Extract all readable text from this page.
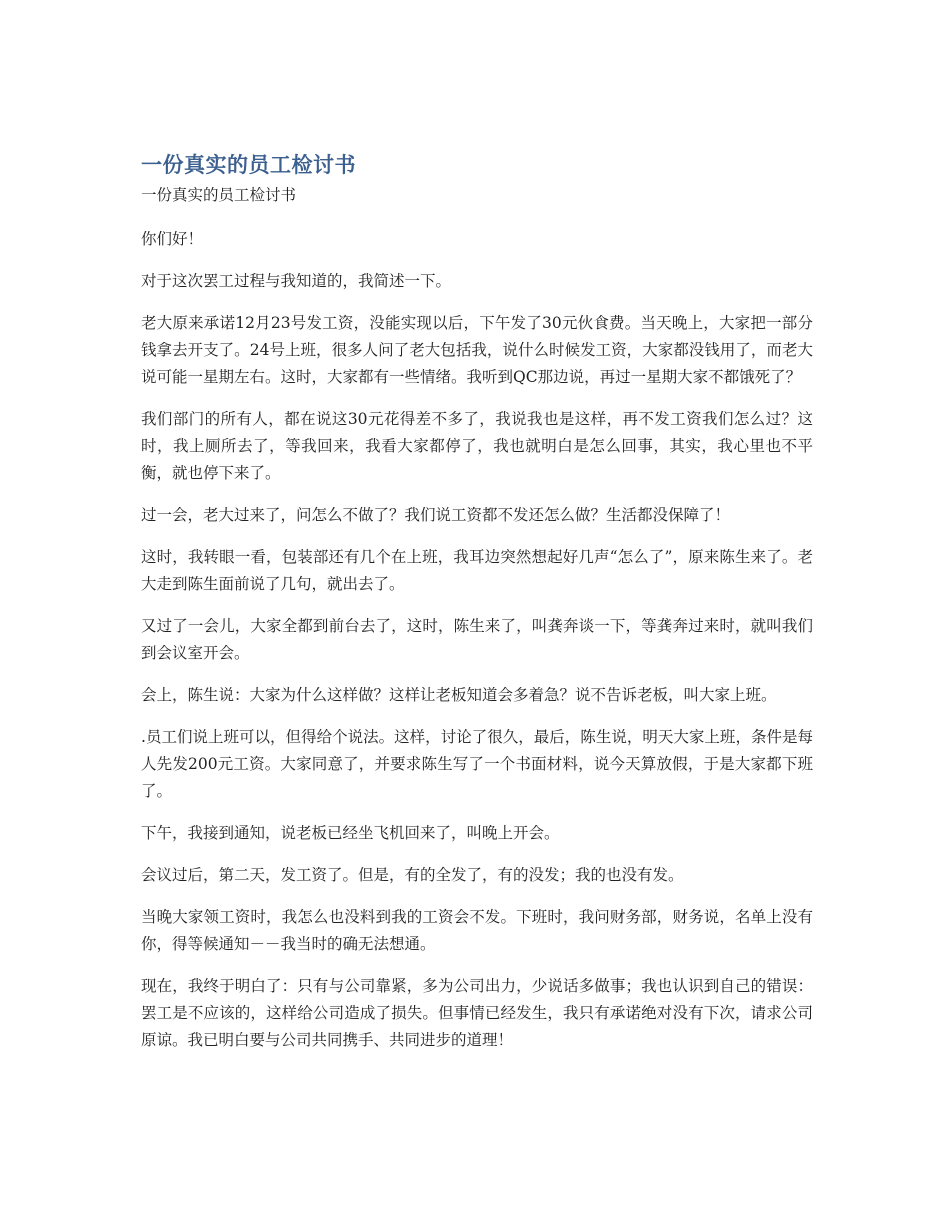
一份真实的员工检讨书

一份真实的员工检讨书

你们好！

对于这次罢工过程与我知道的，我简述一下。

老大原来承诺12月23号发工资，没能实现以后，下午发了30元伙食费。当天晚上，大家把一部分钱拿去开支了。24号上班，很多人问了老大包括我，说什么时候发工资，大家都没钱用了，而老大说可能一星期左右。这时，大家都有一些情绪。我听到QC那边说，再过一星期大家不都饿死了？

我们部门的所有人，都在说这30元花得差不多了，我说我也是这样，再不发工资我们怎么过？这时，我上厕所去了，等我回来，我看大家都停了，我也就明白是怎么回事，其实，我心里也不平衡，就也停下来了。

过一会，老大过来了，问怎么不做了？我们说工资都不发还怎么做？生活都没保障了！

这时，我转眼一看，包装部还有几个在上班，我耳边突然想起好几声“怎么了”，原来陈生来了。老大走到陈生面前说了几句，就出去了。

又过了一会儿，大家全都到前台去了，这时，陈生来了，叫龚奔谈一下，等龚奔过来时，就叫我们到会议室开会。

会上，陈生说：大家为什么这样做？这样让老板知道会多着急？说不告诉老板，叫大家上班。

.员工们说上班可以，但得给个说法。这样，讨论了很久，最后，陈生说，明天大家上班，条件是每人先发200元工资。大家同意了，并要求陈生写了一个书面材料，说今天算放假，于是大家都下班了。

下午，我接到通知，说老板已经坐飞机回来了，叫晚上开会。

会议过后，第二天，发工资了。但是，有的全发了，有的没发；我的也没有发。

当晚大家领工资时，我怎么也没料到我的工资会不发。下班时，我问财务部，财务说，名单上没有你，得等候通知－－我当时的确无法想通。

现在，我终于明白了：只有与公司靠紧，多为公司出力，少说话多做事；我也认识到自己的错误：罢工是不应该的，这样给公司造成了损失。但事情已经发生，我只有承诺绝对没有下次，请求公司原谅。我已明白要与公司共同携手、共同进步的道理！
